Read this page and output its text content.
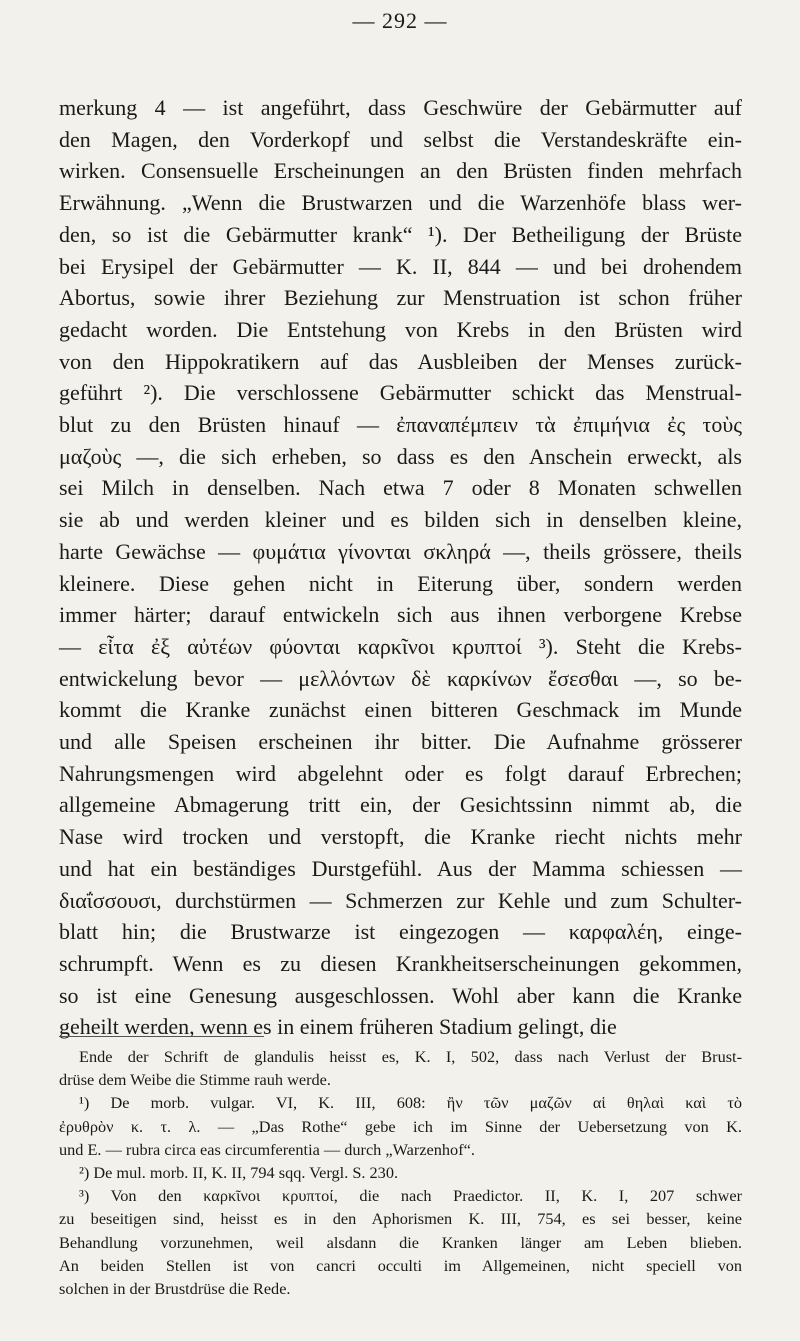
— 292 —

merkung 4 — ist angeführt, dass Geschwüre der Gebärmutter auf

den Magen, den Vorderkopf und selbst die Verstandeskräfte ein-

wirken. Consensuelle Erscheinungen an den Brüsten finden mehrfach

Erwähnung. „Wenn die Brustwarzen und die Warzenhöfe blass wer-

den, so ist die Gebärmutter krank“ ¹). Der Betheiligung der Brüste

bei Erysipel der Gebärmutter — K. II, 844 — und bei drohendem

Abortus, sowie ihrer Beziehung zur Menstruation ist schon früher

gedacht worden. Die Entstehung von Krebs in den Brüsten wird

von den Hippokratikern auf das Ausbleiben der Menses zurück-

geführt ²). Die verschlossene Gebärmutter schickt das Menstrual-

blut zu den Brüsten hinauf — ἐπαναπέμπειν τὰ ἐπιμήνια ἐς τοὺς

μαζοὺς —, die sich erheben, so dass es den Anschein erweckt, als

sei Milch in denselben. Nach etwa 7 oder 8 Monaten schwellen

sie ab und werden kleiner und es bilden sich in denselben kleine,

harte Gewächse — φυμάτια γίνονται σκληρά —, theils grössere, theils

kleinere. Diese gehen nicht in Eiterung über, sondern werden

immer härter; darauf entwickeln sich aus ihnen verborgene Krebse

— εἶτα ἐξ αὐτέων φύονται καρκῖνοι κρυπτοί ³). Steht die Krebs-

entwickelung bevor — μελλόντων δὲ καρκίνων ἔσεσθαι —, so be-

kommt die Kranke zunächst einen bitteren Geschmack im Munde

und alle Speisen erscheinen ihr bitter. Die Aufnahme grösserer

Nahrungsmengen wird abgelehnt oder es folgt darauf Erbrechen;

allgemeine Abmagerung tritt ein, der Gesichtssinn nimmt ab, die

Nase wird trocken und verstopft, die Kranke riecht nichts mehr

und hat ein beständiges Durstgefühl. Aus der Mamma schiessen —

διαΐσσουσι, durchstürmen — Schmerzen zur Kehle und zum Schulter-

blatt hin; die Brustwarze ist eingezogen — καρφαλέη, einge-

schrumpft. Wenn es zu diesen Krankheitserscheinungen gekommen,

so ist eine Genesung ausgeschlossen. Wohl aber kann die Kranke

geheilt werden, wenn es in einem früheren Stadium gelingt, die

Ende der Schrift de glandulis heisst es, K. I, 502, dass nach Verlust der Brust-

drüse dem Weibe die Stimme rauh werde.

¹) De morb. vulgar. VI, K. III, 608: ἢν τῶν μαζῶν αἱ θηλαὶ καὶ τὸ

ἐρυθρὸν κ. τ. λ. — „Das Rothe“ gebe ich im Sinne der Uebersetzung von K.

und E. — rubra circa eas circumferentia — durch „Warzenhof“.

²) De mul. morb. II, K. II, 794 sqq. Vergl. S. 230.

³) Von den καρκῖνοι κρυπτοί, die nach Praedictor. II, K. I, 207 schwer

zu beseitigen sind, heisst es in den Aphorismen K. III, 754, es sei besser, keine

Behandlung vorzunehmen, weil alsdann die Kranken länger am Leben blieben.

An beiden Stellen ist von cancri occulti im Allgemeinen, nicht speciell von

solchen in der Brustdrüse die Rede.
